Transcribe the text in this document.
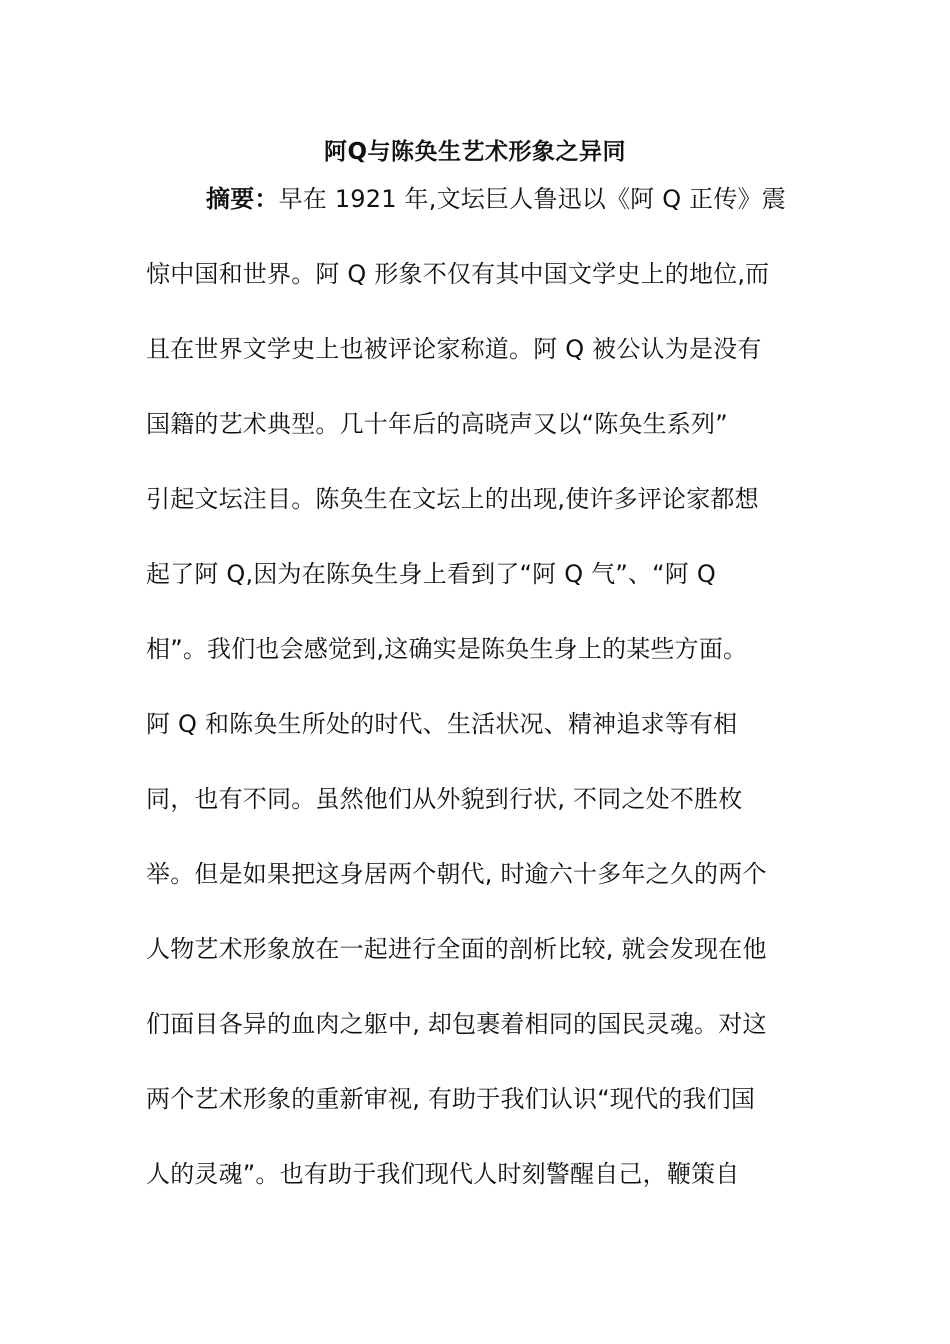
阿Q与陈奂生艺术形象之异同
摘要：早在 1921 年,文坛巨人鲁迅以《阿 Q 正传》震
惊中国和世界。阿 Q 形象不仅有其中国文学史上的地位,而
且在世界文学史上也被评论家称道。阿 Q 被公认为是没有
国籍的艺术典型。几十年后的高晓声又以“陈奂生系列”
引起文坛注目。陈奂生在文坛上的出现,使许多评论家都想
起了阿 Q,因为在陈奂生身上看到了“阿 Q 气”、“阿 Q
相”。我们也会感觉到,这确实是陈奂生身上的某些方面。
阿 Q 和陈奂生所处的时代、生活状况、精神追求等有相
同，也有不同。虽然他们从外貌到行状, 不同之处不胜枚
举。但是如果把这身居两个朝代, 时逾六十多年之久的两个
人物艺术形象放在一起进行全面的剖析比较, 就会发现在他
们面目各异的血肉之躯中, 却包裹着相同的国民灵魂。对这
两个艺术形象的重新审视, 有助于我们认识“现代的我们国
人的灵魂”。也有助于我们现代人时刻警醒自己，鞭策自
